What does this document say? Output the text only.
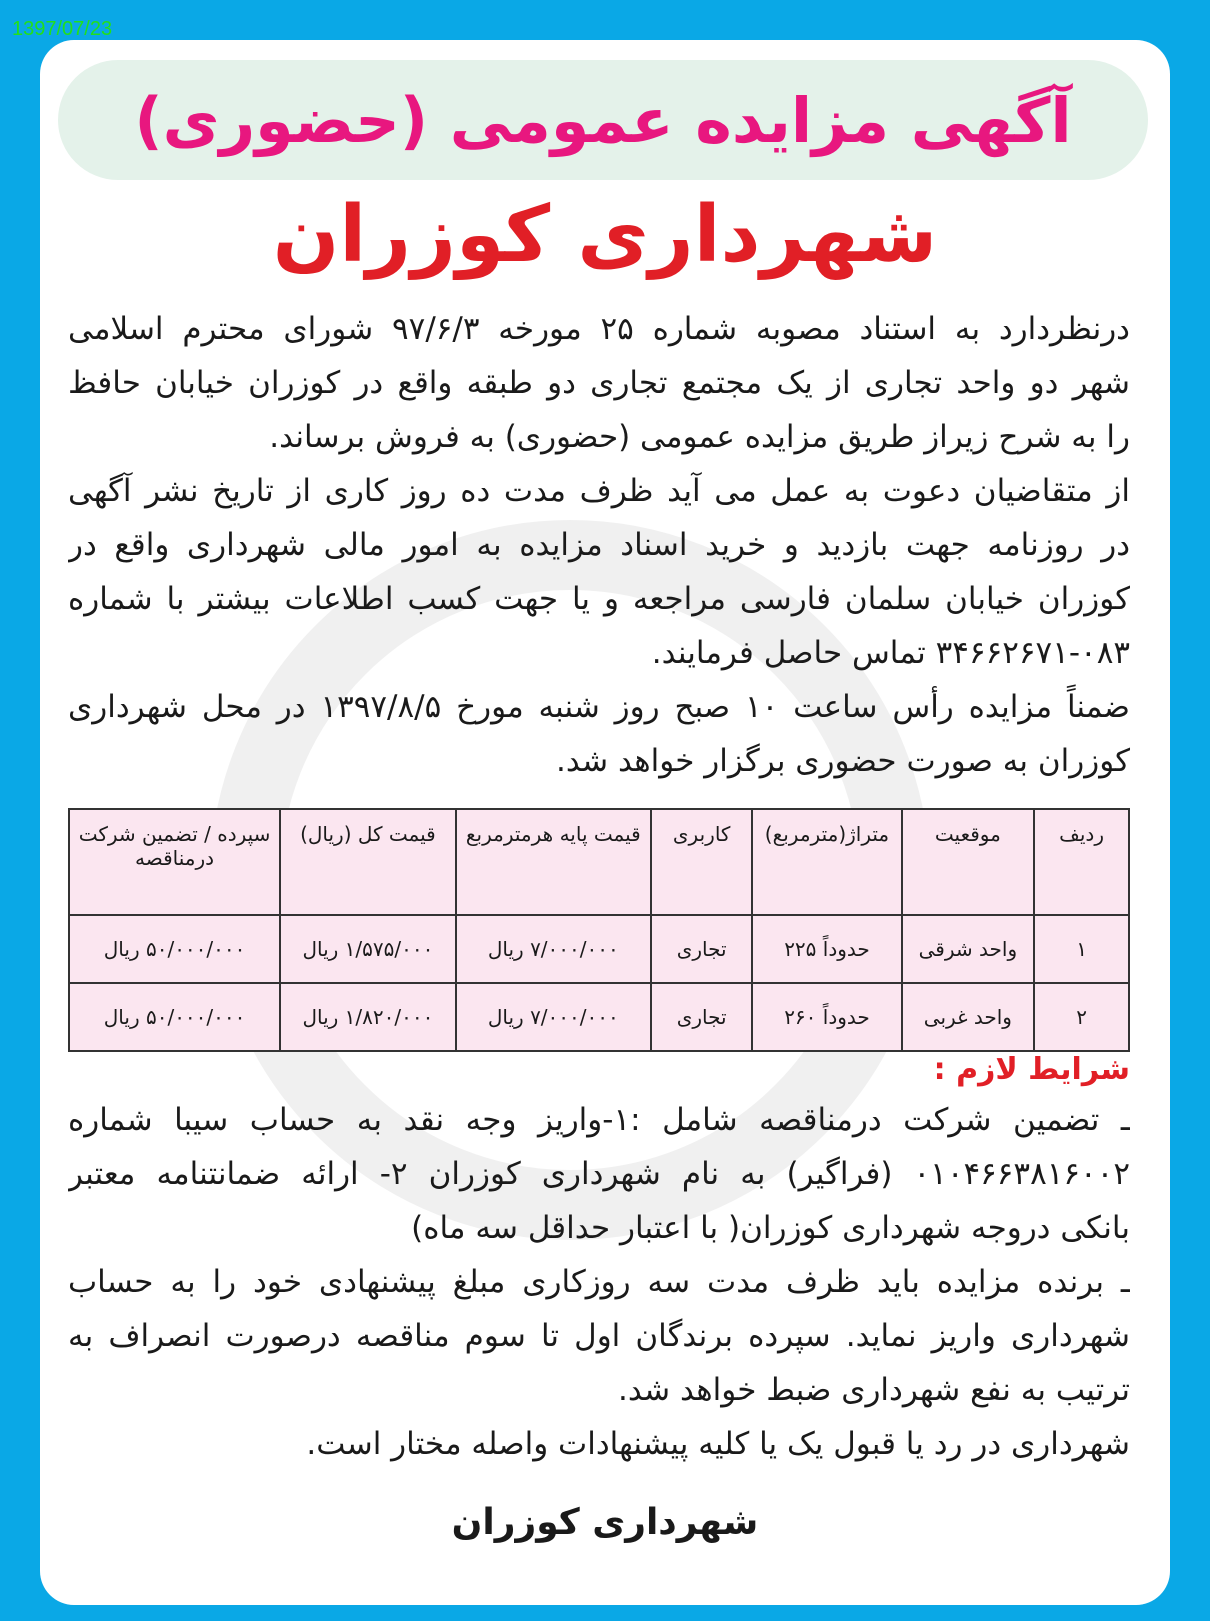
1397/07/23
آگهی مزایده عمومی (حضوری)
شهرداری کوزران
درنظردارد به استناد مصوبه شماره ۲۵ مورخه ۹۷/۶/۳ شورای محترم اسلامی
شهر دو واحد تجاری از یک مجتمع تجاری دو طبقه واقع در کوزران خیابان حافظ
را به شرح زیراز طریق مزایده عمومی (حضوری) به فروش برساند.
از متقاضیان دعوت به عمل می آید ظرف مدت ده روز کاری از تاریخ نشر آگهی
در روزنامه جهت بازدید و خرید اسناد مزایده به امور مالی شهرداری واقع در
کوزران خیابان سلمان فارسی مراجعه و یا جهت کسب اطلاعات بیشتر با شماره
۳۴۶۶۲۶۷۱-۰۸۳ تماس حاصل فرمایند.
ضمناً مزایده رأس ساعت ۱۰ صبح روز شنبه مورخ ۱۳۹۷/۸/۵ در محل شهرداری
کوزران به صورت حضوری برگزار خواهد شد.
ردیف	موقعیت	متراژ(مترمربع)	کاربری	قیمت پایه هرمترمربع	قیمت کل (ریال)	سپرده / تضمین شرکت درمناقصه
۱	واحد شرقی	حدوداً ۲۲۵	تجاری	۷/۰۰۰/۰۰۰ ریال	۱/۵۷۵/۰۰۰ ریال	۵۰/۰۰۰/۰۰۰ ریال
۲	واحد غربی	حدوداً ۲۶۰	تجاری	۷/۰۰۰/۰۰۰ ریال	۱/۸۲۰/۰۰۰ ریال	۵۰/۰۰۰/۰۰۰ ریال
شرایط لازم :
ـ تضمین شرکت درمناقصه شامل :۱-واریز وجه نقد به حساب سیبا شماره
۰۱۰۴۶۶۳۸۱۶۰۰۲ (فراگیر) به نام شهرداری کوزران ۲- ارائه ضمانتنامه معتبر
بانکی دروجه شهرداری کوزران( با اعتبار حداقل سه ماه)
ـ برنده مزایده باید ظرف مدت سه روزکاری مبلغ پیشنهادی خود را به حساب
شهرداری واریز نماید. سپرده برندگان اول تا سوم مناقصه درصورت انصراف به
ترتیب به نفع شهرداری ضبط خواهد شد.
شهرداری در رد یا قبول یک یا کلیه پیشنهادات واصله مختار است.
شهرداری کوزران
